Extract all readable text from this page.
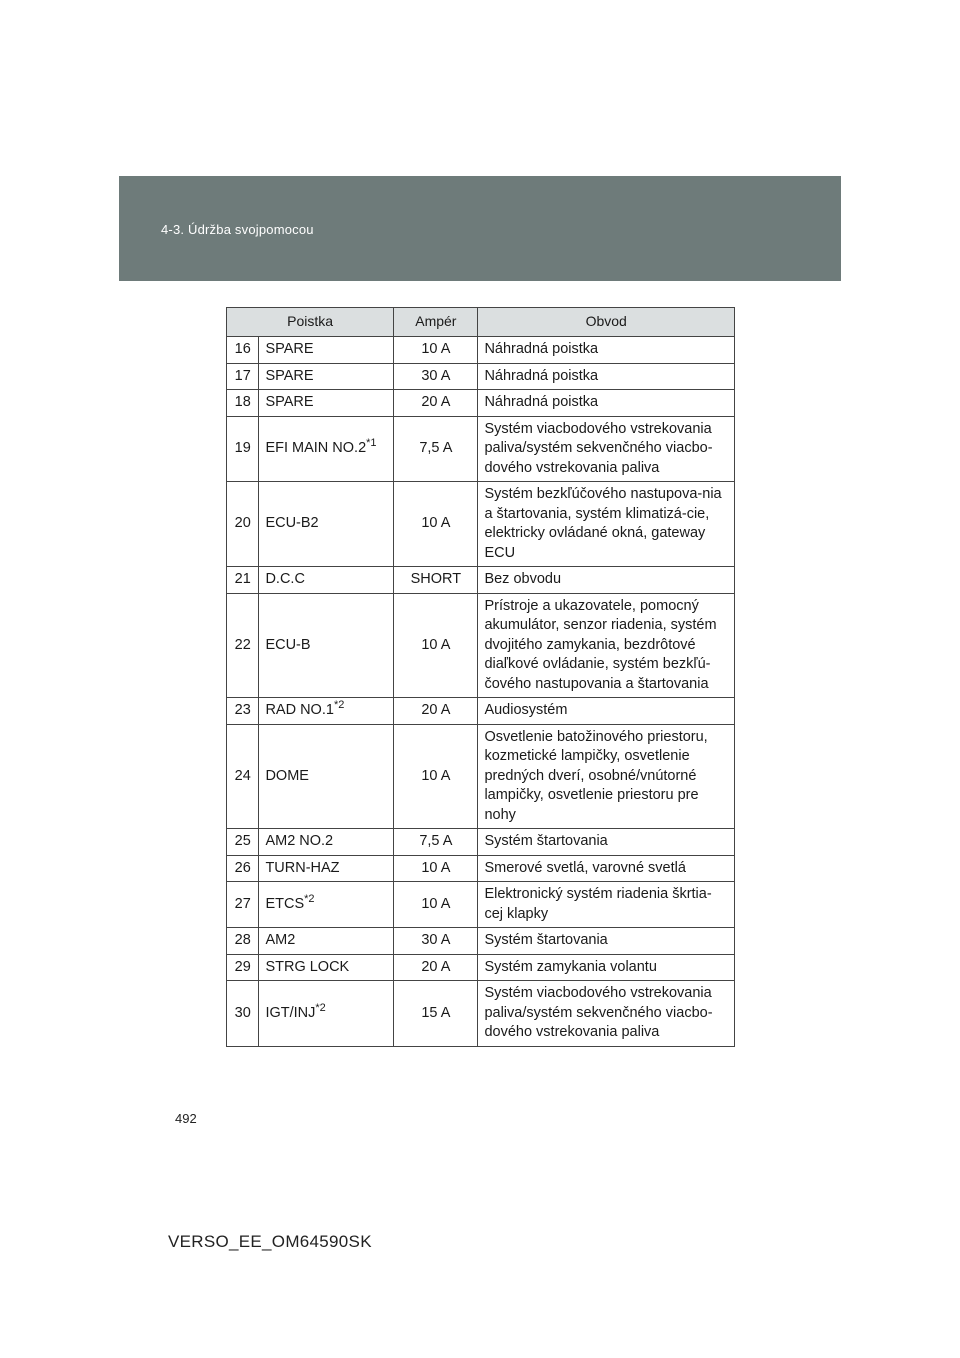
4-3. Údržba svojpomocou
Poistka		Ampér	Obvod
16	SPARE	10 A	Náhradná poistka
17	SPARE	30 A	Náhradná poistka
18	SPARE	20 A	Náhradná poistka
19	EFI MAIN NO.2$^{*1}$	7,5 A	Systém viacbodového vstrekovania paliva/systém sekvenčného viacbo-dového vstrekovania paliva
20	ECU-B2	10 A	Systém bezkľúčového nastupova-nia a štartovania, systém klimatizá-cie, elektricky ovládané okná, gateway ECU
21	D.C.C	SHORT	Bez obvodu
22	ECU-B	10 A	Prístroje a ukazovatele, pomocný akumulátor, senzor riadenia, systém dvojitého zamykania, bezdrôtové diaľkové ovládanie, systém bezkľú-čového nastupovania a štartovania
23	RAD NO.1$^{*2}$	20 A	Audiosystém
24	DOME	10 A	Osvetlenie batožinového priestoru, kozmetické lampičky, osvetlenie predných dverí, osobné/vnútorné lampičky, osvetlenie priestoru pre nohy
25	AM2 NO.2	7,5 A	Systém štartovania
26	TURN-HAZ	10 A	Smerové svetlá, varovné svetlá
27	ETCS$^{*2}$	10 A	Elektronický systém riadenia škrtia-cej klapky
28	AM2	30 A	Systém štartovania
29	STRG LOCK	20 A	Systém zamykania volantu
30	IGT/INJ$^{*2}$	15 A	Systém viacbodového vstrekovania paliva/systém sekvenčného viacbo-dového vstrekovania paliva
492
VERSO_EE_OM64590SK
